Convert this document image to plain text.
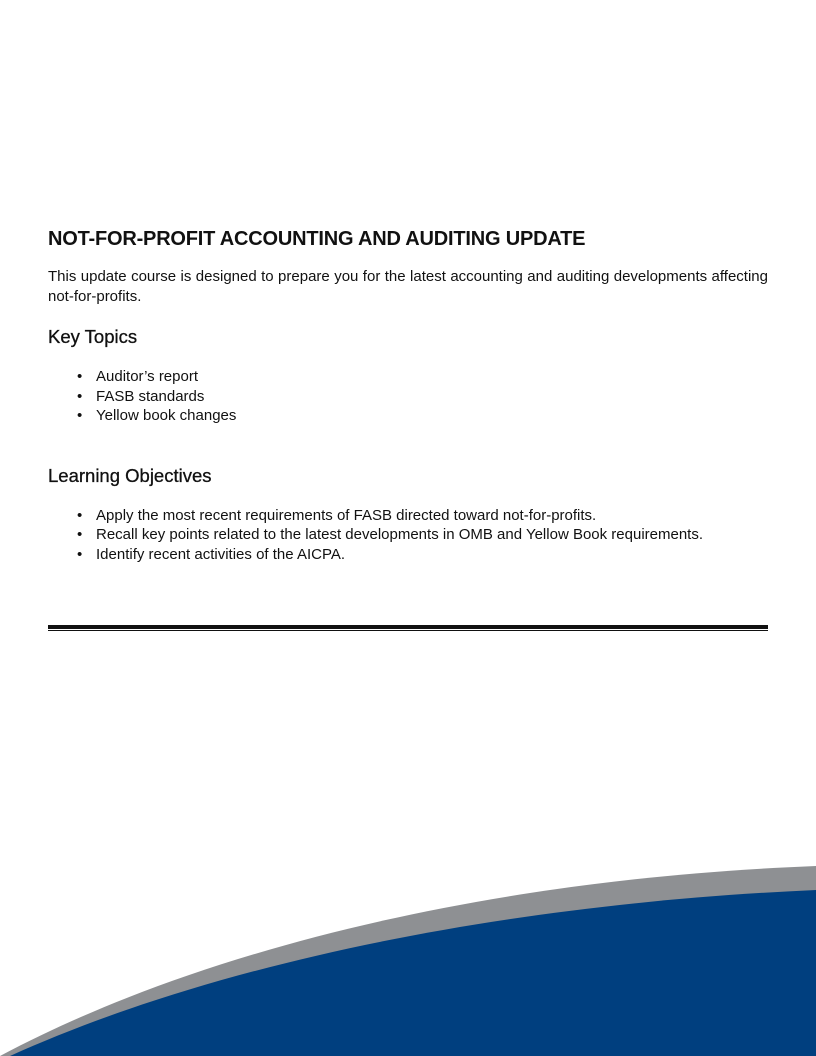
NOT-FOR-PROFIT ACCOUNTING AND AUDITING UPDATE

This update course is designed to prepare you for the latest accounting and auditing developments affecting not-for-profits.

Key Topics
• Auditor’s report
• FASB standards
• Yellow book changes
Learning Objectives
• Apply the most recent requirements of FASB directed toward not-for-profits.
• Recall key points related to the latest developments in OMB and Yellow Book requirements.
• Identify recent activities of the AICPA.
